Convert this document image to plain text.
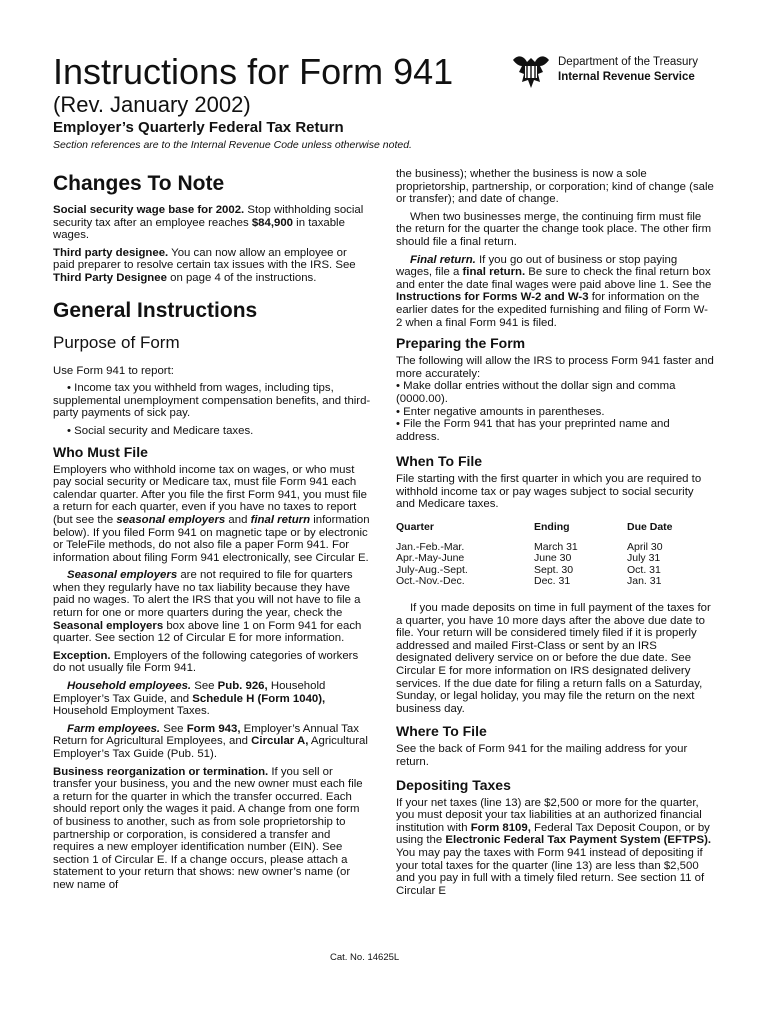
Instructions for Form 941
(Rev. January 2002)
Employer’s Quarterly Federal Tax Return
Section references are to the Internal Revenue Code unless otherwise noted.
Department of the Treasury
Internal Revenue Service
Changes To Note

Social security wage base for 2002. Stop withholding social security tax after an employee reaches $84,900 in taxable wages.

Third party designee. You can now allow an employee or paid preparer to resolve certain tax issues with the IRS. See Third Party Designee on page 4 of the instructions.

General Instructions
Purpose of Form

Use Form 941 to report:

• Income tax you withheld from wages, including tips, supplemental unemployment compensation benefits, and third-party payments of sick pay.

• Social security and Medicare taxes.

Who Must File

Employers who withhold income tax on wages, or who must pay social security or Medicare tax, must file Form 941 each calendar quarter. After you file the first Form 941, you must file a return for each quarter, even if you have no taxes to report (but see the seasonal employers and final return information below). If you filed Form 941 on magnetic tape or by electronic or TeleFile methods, do not also file a paper Form 941. For information about filing Form 941 electronically, see Circular E.

Seasonal employers are not required to file for quarters when they regularly have no tax liability because they have paid no wages. To alert the IRS that you will not have to file a return for one or more quarters during the year, check the Seasonal employers box above line 1 on Form 941 for each quarter. See section 12 of Circular E for more information.

Exception. Employers of the following categories of workers do not usually file Form 941.

Household employees. See Pub. 926, Household Employer’s Tax Guide, and Schedule H (Form 1040), Household Employment Taxes.

Farm employees. See Form 943, Employer’s Annual Tax Return for Agricultural Employees, and Circular A, Agricultural Employer’s Tax Guide (Pub. 51).

Business reorganization or termination. If you sell or transfer your business, you and the new owner must each file a return for the quarter in which the transfer occurred. Each should report only the wages it paid. A change from one form of business to another, such as from sole proprietorship to partnership or corporation, is considered a transfer and requires a new employer identification number (EIN). See section 1 of Circular E. If a change occurs, please attach a statement to your return that shows: new owner’s name (or new name of

the business); whether the business is now a sole proprietorship, partnership, or corporation; kind of change (sale or transfer); and date of change.

When two businesses merge, the continuing firm must file the return for the quarter the change took place. The other firm should file a final return.

Final return. If you go out of business or stop paying wages, file a final return. Be sure to check the final return box and enter the date final wages were paid above line 1. See the Instructions for Forms W-2 and W-3 for information on the earlier dates for the expedited furnishing and filing of Form W-2 when a final Form 941 is filed.

Preparing the Form

The following will allow the IRS to process Form 941 faster and more accurately:

• Make dollar entries without the dollar sign and comma (0000.00).

• Enter negative amounts in parentheses.

• File the Form 941 that has your preprinted name and address.

When To File

File starting with the first quarter in which you are required to withhold income tax or pay wages subject to social security and Medicare taxes.

Quarter	Ending	Due Date
Jan.-Feb.-Mar.	March 31	April 30
Apr.-May-June	June 30	July 31
July-Aug.-Sept.	Sept. 30	Oct. 31
Oct.-Nov.-Dec.	Dec. 31	Jan. 31

If you made deposits on time in full payment of the taxes for a quarter, you have 10 more days after the above due date to file. Your return will be considered timely filed if it is properly addressed and mailed First-Class or sent by an IRS designated delivery service on or before the due date. See Circular E for more information on IRS designated delivery services. If the due date for filing a return falls on a Saturday, Sunday, or legal holiday, you may file the return on the next business day.

Where To File

See the back of Form 941 for the mailing address for your return.

Depositing Taxes

If your net taxes (line 13) are $2,500 or more for the quarter, you must deposit your tax liabilities at an authorized financial institution with Form 8109, Federal Tax Deposit Coupon, or by using the Electronic Federal Tax Payment System (EFTPS). You may pay the taxes with Form 941 instead of depositing if your total taxes for the quarter (line 13) are less than $2,500 and you pay in full with a timely filed return. See section 11 of Circular E

Cat. No. 14625L
